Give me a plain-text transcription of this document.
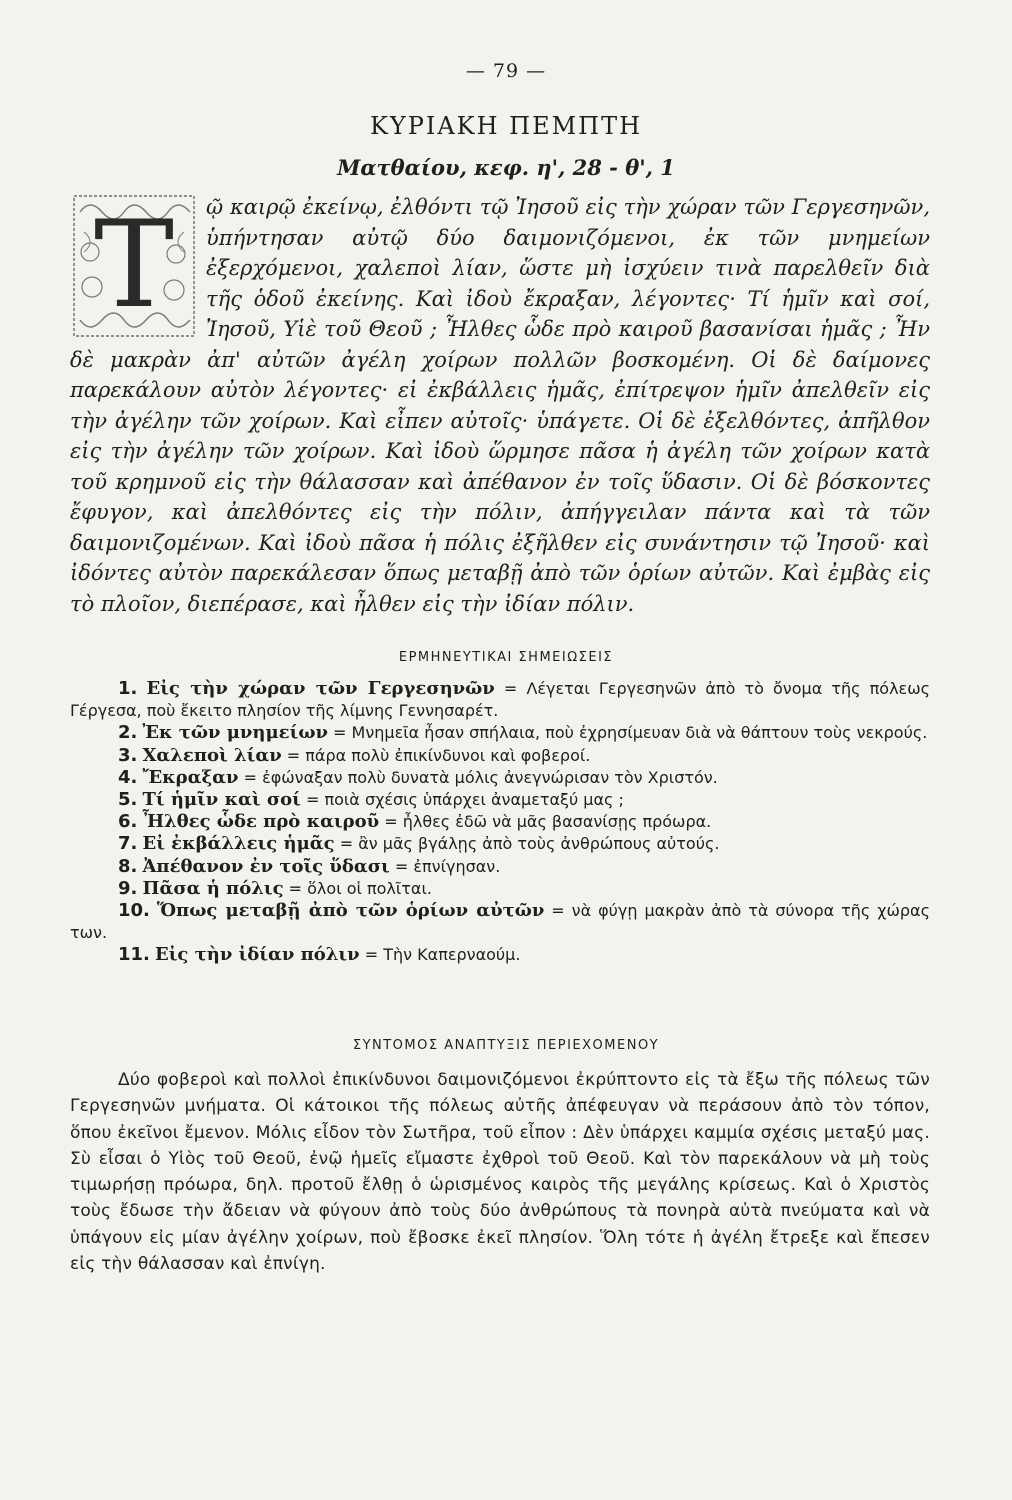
— 79 —
ΚΥΡΙΑΚΗ ΠΕΜΠΤΗ
Ματθαίου, κεφ. η', 28 - θ', 1
Τ	ῷ καιρῷ ἐκείνῳ, ἐλθόντι τῷ Ἰησοῦ εἰς τὴν χώραν τῶν Γεργεσηνῶν, ὑπήντησαν αὐτῷ δύο δαιμονιζόμενοι, ἐκ τῶν μνημείων ἐξερχόμενοι, χαλεποὶ λίαν, ὥστε μὴ ἰσχύειν τινὰ παρελθεῖν διὰ τῆς ὁδοῦ ἐκείνης. Καὶ ἰδοὺ ἔκραξαν, λέγοντες· Τί ἡμῖν καὶ σοί, Ἰησοῦ, Υἱὲ τοῦ Θεοῦ ; Ἦλθες ὧδε πρὸ καιροῦ βασανίσαι ἡμᾶς ; Ἦν δὲ μακρὰν ἀπ' αὐτῶν ἀγέλη χοίρων πολλῶν βοσκομένη. Οἱ δὲ δαίμονες παρεκάλουν αὐτὸν λέγοντες· εἰ ἐκβάλλεις ἡμᾶς, ἐπίτρεψον ἡμῖν ἀπελθεῖν εἰς τὴν ἀγέλην τῶν χοίρων. Καὶ εἶπεν αὐτοῖς· ὑπάγετε. Οἱ δὲ ἐξελθόντες, ἀπῆλθον εἰς τὴν ἀγέλην τῶν χοίρων. Καὶ ἰδοὺ ὥρμησε πᾶσα ἡ ἀγέλη τῶν χοίρων κατὰ τοῦ κρημνοῦ εἰς τὴν θάλασσαν καὶ ἀπέθανον ἐν τοῖς ὕδασιν. Οἱ δὲ βόσκοντες ἔφυγον, καὶ ἀπελθόντες εἰς τὴν πόλιν, ἀπήγγειλαν πάντα καὶ τὰ τῶν δαιμονιζομένων. Καὶ ἰδοὺ πᾶσα ἡ πόλις ἐξῆλθεν εἰς συνάντησιν τῷ Ἰησοῦ· καὶ ἰδόντες αὐτὸν παρεκάλεσαν ὅπως μεταβῇ ἀπὸ τῶν ὁρίων αὐτῶν. Καὶ ἐμβὰς εἰς τὸ πλοῖον, διεπέρασε, καὶ ἦλθεν εἰς τὴν ἰδίαν πόλιν.
ΕΡΜΗΝΕΥΤΙΚΑΙ ΣΗΜΕΙΩΣΕΙΣ

1. Εἰς τὴν χώραν τῶν Γεργεσηνῶν = Λέγεται Γεργεσηνῶν ἀπὸ τὸ ὄνομα τῆς πόλεως Γέργεσα, ποὺ ἔκειτο πλησίον τῆς λίμνης Γεννησαρέτ.

2. Ἐκ τῶν μνημείων = Μνημεῖα ἦσαν σπήλαια, ποὺ ἐχρησίμευαν διὰ νὰ θάπτουν τοὺς νεκρούς.

3. Χαλεποὶ λίαν = πάρα πολὺ ἐπικίνδυνοι καὶ φοβεροί.

4. Ἔκραξαν = ἐφώναξαν πολὺ δυνατὰ μόλις ἀνεγνώρισαν τὸν Χριστόν.

5. Τί ἡμῖν καὶ σοί = ποιὰ σχέσις ὑπάρχει ἀναμεταξύ μας ;

6. Ἦλθες ὧδε πρὸ καιροῦ = ἦλθες ἐδῶ νὰ μᾶς βασανίσῃς πρόωρα.

7. Εἰ ἐκβάλλεις ἡμᾶς = ἂν μᾶς βγάλῃς ἀπὸ τοὺς ἀνθρώπους αὐτούς.

8. Ἀπέθανον ἐν τοῖς ὕδασι = ἐπνίγησαν.

9. Πᾶσα ἡ πόλις = ὅλοι οἱ πολῖται.

10. Ὅπως μεταβῇ ἀπὸ τῶν ὁρίων αὐτῶν = νὰ φύγῃ μακρὰν ἀπὸ τὰ σύνορα τῆς χώρας των.

11. Εἰς τὴν ἰδίαν πόλιν = Τὴν Καπερναούμ.

ΣΥΝΤΟΜΟΣ ΑΝΑΠΤΥΞΙΣ ΠΕΡΙΕΧΟΜΕΝΟΥ

Δύο φοβεροὶ καὶ πολλοὶ ἐπικίνδυνοι δαιμονιζόμενοι ἐκρύπτοντο εἰς τὰ ἔξω τῆς πόλεως τῶν Γεργεσηνῶν μνήματα. Οἱ κάτοικοι τῆς πόλεως αὐτῆς ἀπέφευγαν νὰ περάσουν ἀπὸ τὸν τόπον, ὅπου ἐκεῖνοι ἔμενον. Μόλις εἶδον τὸν Σωτῆρα, τοῦ εἶπον : Δὲν ὑπάρχει καμμία σχέσις μεταξύ μας. Σὺ εἶσαι ὁ Υἱὸς τοῦ Θεοῦ, ἐνῷ ἡμεῖς εἴμαστε ἐχθροὶ τοῦ Θεοῦ. Καὶ τὸν παρεκάλουν νὰ μὴ τοὺς τιμωρήσῃ πρόωρα, δηλ. προτοῦ ἔλθῃ ὁ ὡρισμένος καιρὸς τῆς μεγάλης κρίσεως. Καὶ ὁ Χριστὸς τοὺς ἔδωσε τὴν ἄδειαν νὰ φύγουν ἀπὸ τοὺς δύο ἀνθρώπους τὰ πονηρὰ αὐτὰ πνεύματα καὶ νὰ ὑπάγουν εἰς μίαν ἀγέλην χοίρων, ποὺ ἔβοσκε ἐκεῖ πλησίον. Ὅλη τότε ἡ ἀγέλη ἔτρεξε καὶ ἔπεσεν εἰς τὴν θάλασσαν καὶ ἐπνίγη.
